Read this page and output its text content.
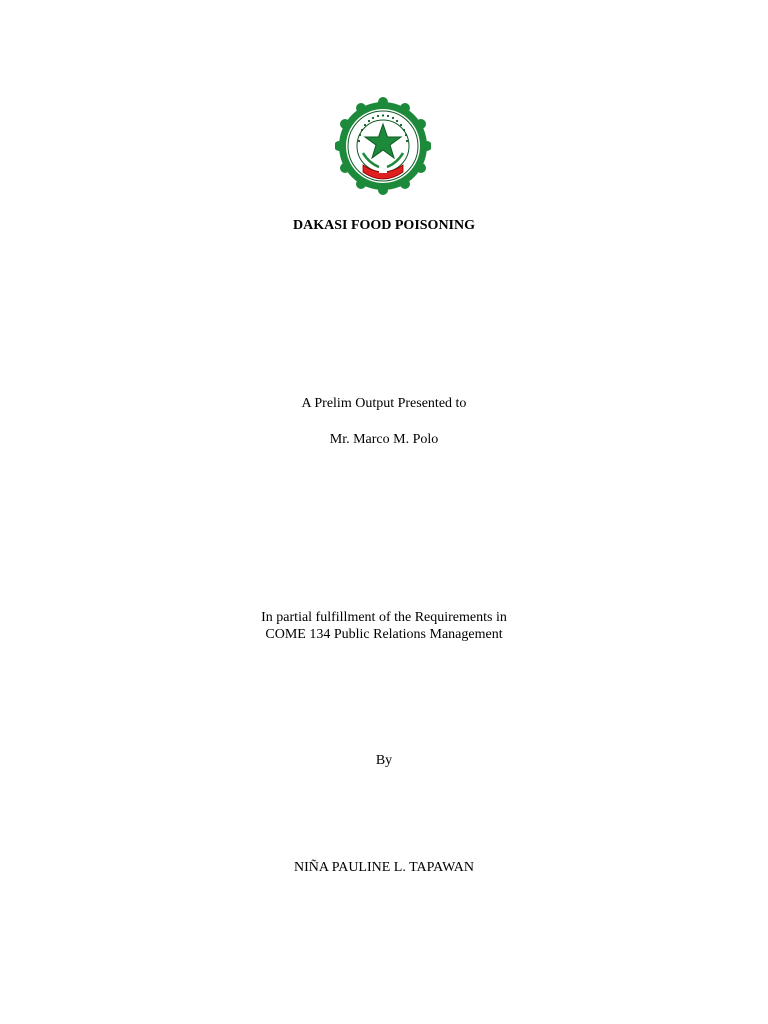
DAKASI FOOD POISONING
A Prelim Output Presented to
Mr. Marco M. Polo
In partial fulfillment of the Requirements in
COME 134 Public Relations Management
By
NIÑA PAULINE L. TAPAWAN
